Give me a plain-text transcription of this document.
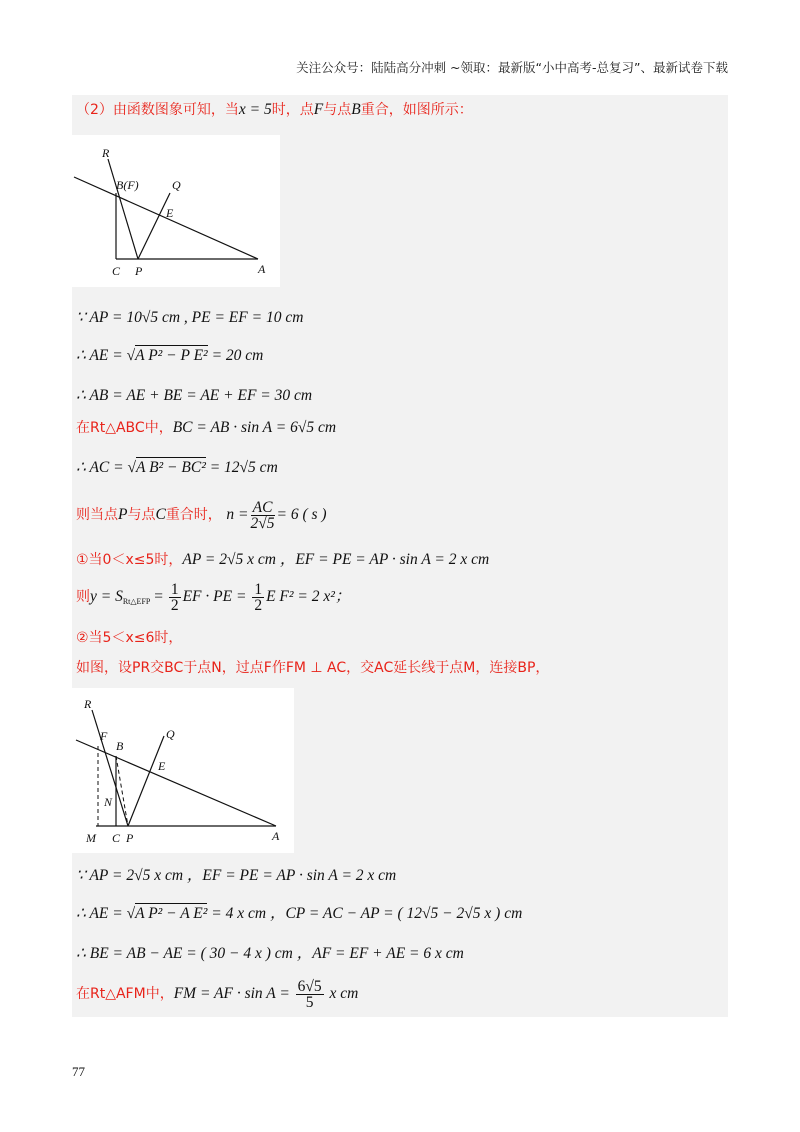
关注公众号：陆陆高分冲刺 ~领取：最新版“小中高考-总复习”、最新试卷下载
（2）由函数图象可知，当x = 5时，点F与点B重合，如图所示：
R
B(F)	Q
E
C P	A
∵ AP = 10√5 cm , PE = EF = 10 cm
∴ AE = √A P² − P E² = 20 cm
∴ AB = AE + BE = AE + EF = 30 cm
在Rt△ABC中，BC = AB · sin A = 6√5 cm
∴ AC = √A B² − BC² = 12√5 cm
则当点P与点C重合时， $n = \frac{AC}{2√5} = 6$ ( s )
①当0＜x≤5时，AP = 2√5 x cm ，EF = PE = AP · sin A = 2 x cm
则$y = S_{Rt\triangle EFP} = \frac{1}{2}$ EF · PE = $\frac{1}{2}$ E F² = 2 x²；
②当5＜x≤6时，
如图，设PR交BC于点N，过点F作FM ⊥ AC，交AC延长线于点M，连接BP，
R
F
B
Q
E
N
M C P	A
∵ AP = 2√5 x cm ，EF = PE = AP · sin A = 2 x cm
∴ AE = √A P² − A E² = 4 x cm ，CP = AC − AP = ( 12√5 − 2√5 x ) cm
∴ BE = AB − AE = ( 30 − 4 x ) cm ，AF = EF + AE = 6 x cm
在Rt△AFM中，FM = AF · $\sin A = \frac{6√5}{5}$ x cm
77
